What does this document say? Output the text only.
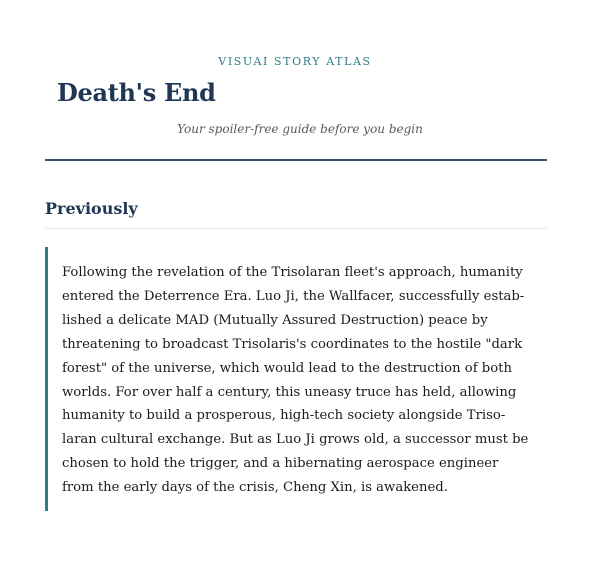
VISUAI STORY ATLAS
Death's End
Your spoiler-free guide before you begin
Previously

Following the revelation of the Trisolaran fleet's approach, humanity
entered the Deterrence Era. Luo Ji, the Wallfacer, successfully estab-
lished a delicate MAD (Mutually Assured Destruction) peace by
threatening to broadcast Trisolaris's coordinates to the hostile "dark
forest" of the universe, which would lead to the destruction of both
worlds. For over half a century, this uneasy truce has held, allowing
humanity to build a prosperous, high-tech society alongside Triso-
laran cultural exchange. But as Luo Ji grows old, a successor must be
chosen to hold the trigger, and a hibernating aerospace engineer
from the early days of the crisis, Cheng Xin, is awakened.
